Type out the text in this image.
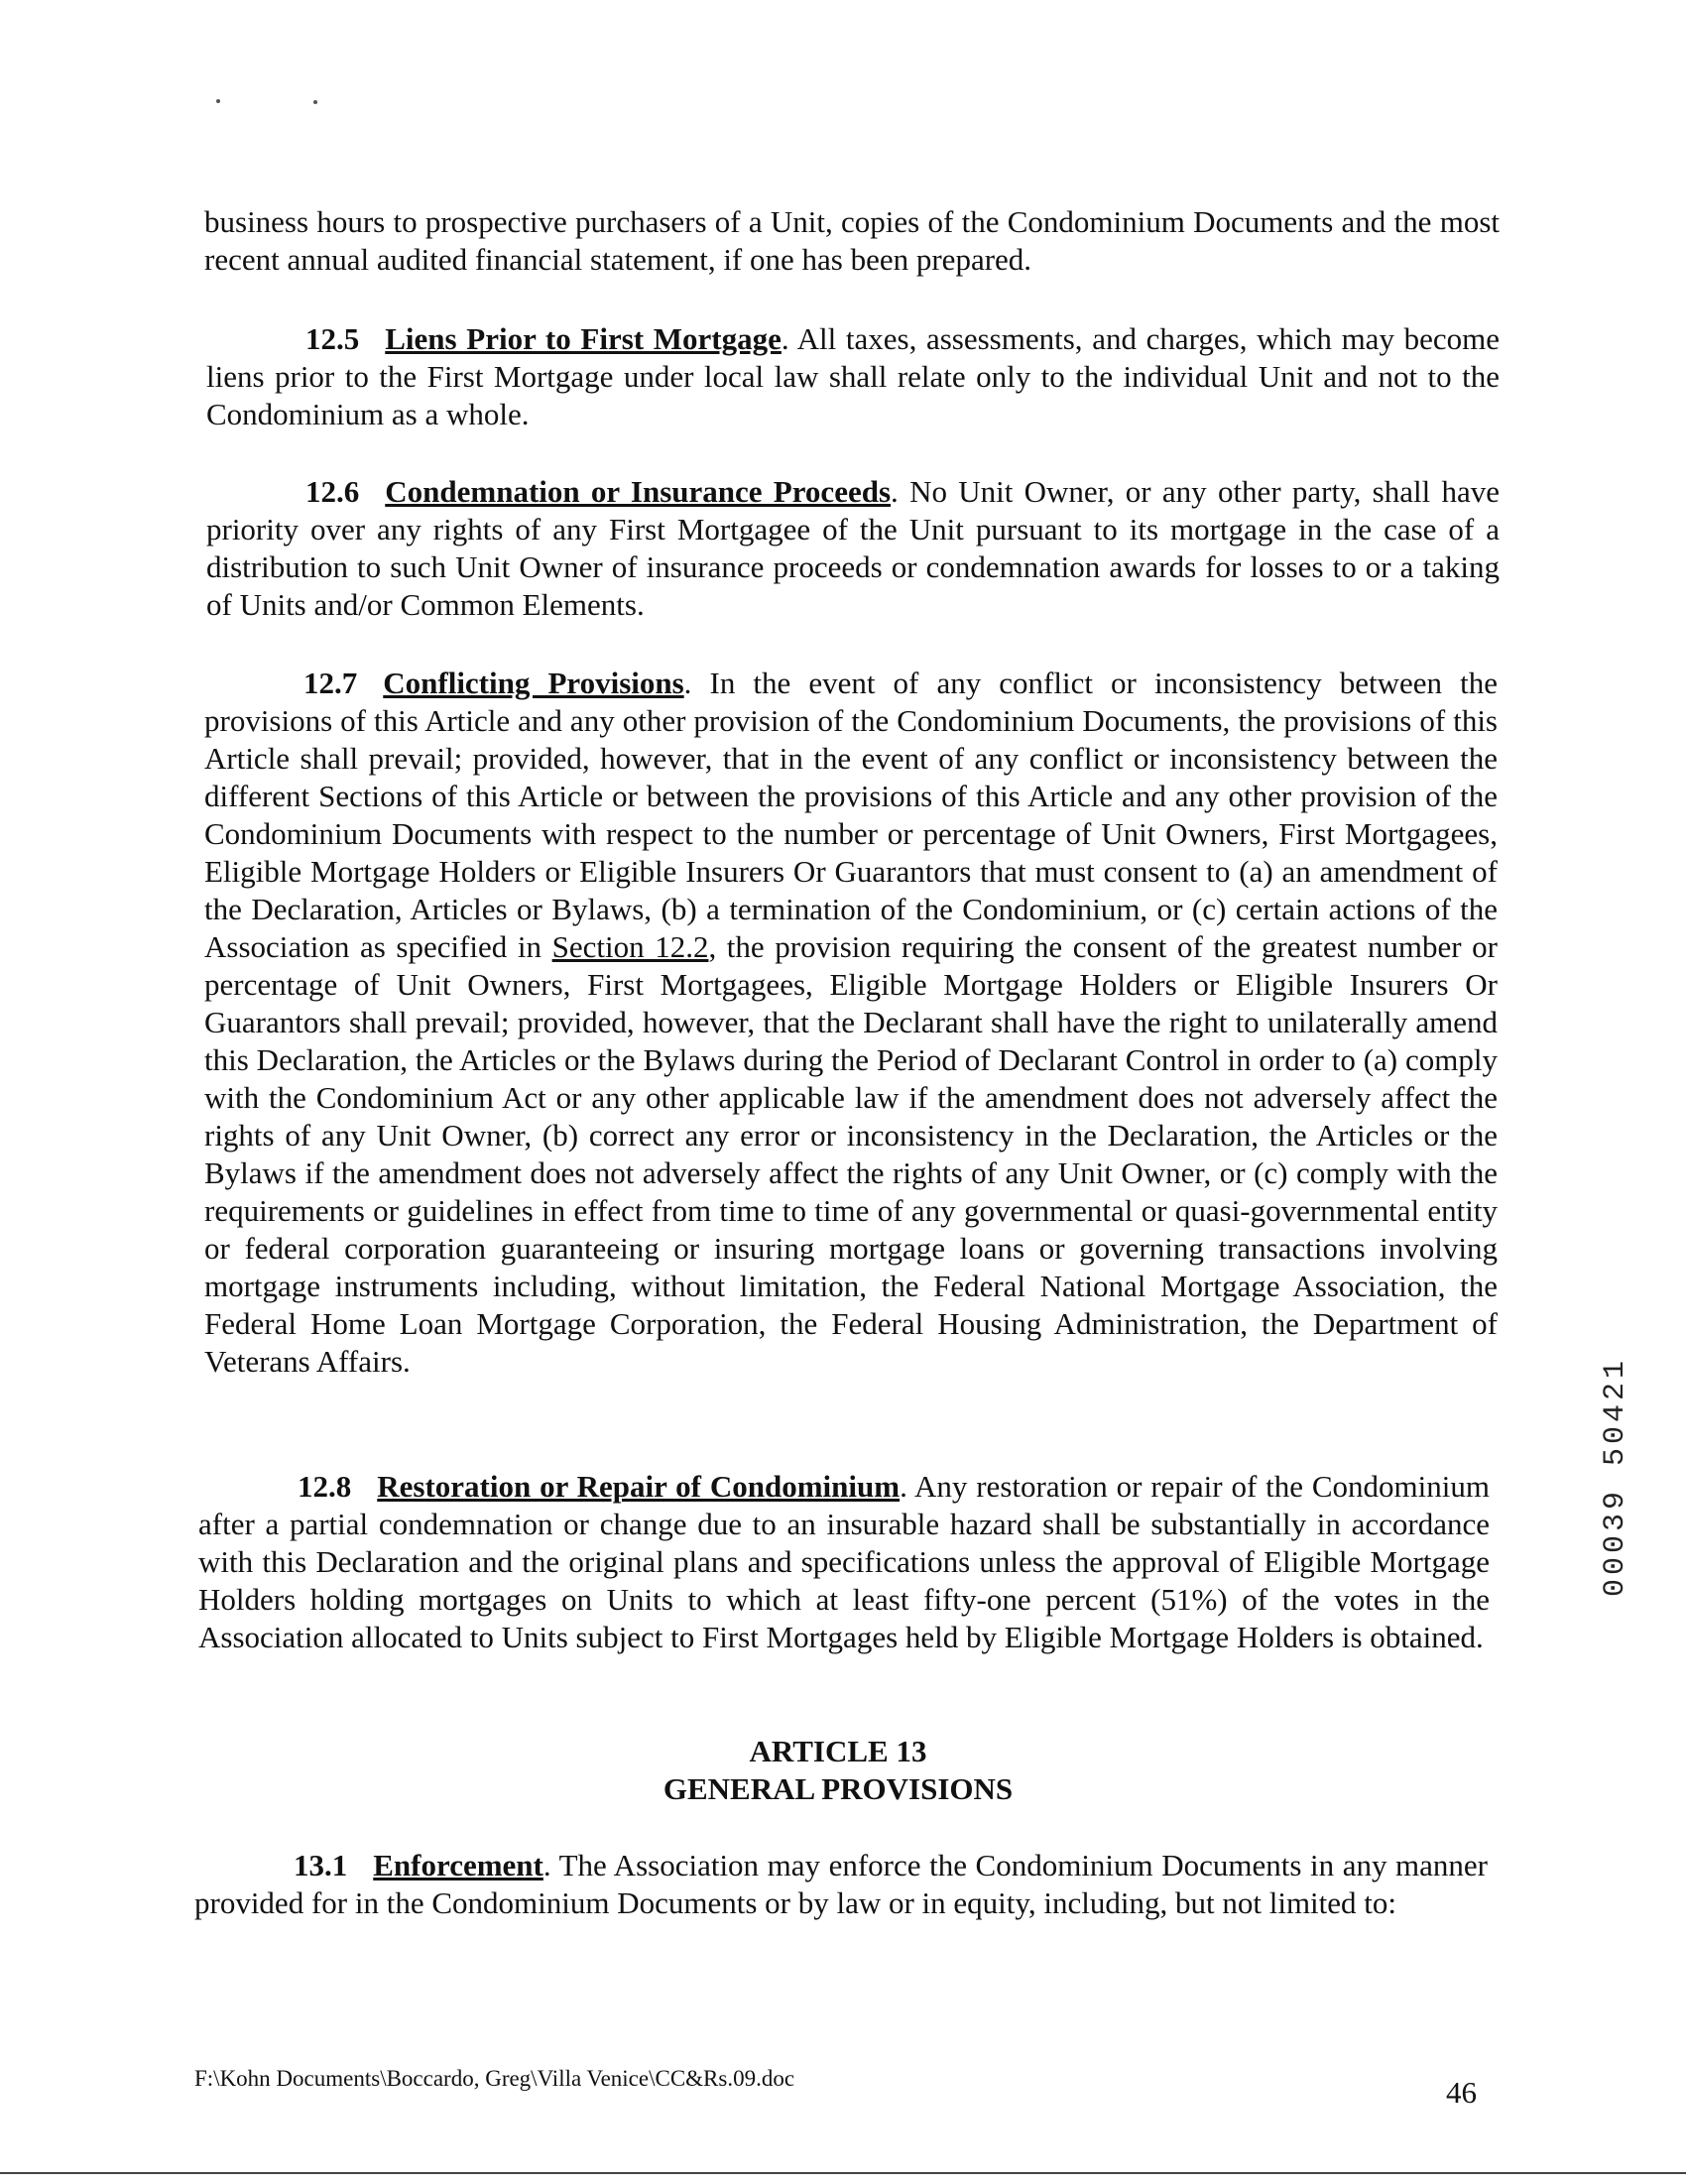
business hours to prospective purchasers of a Unit, copies of the Condominium Documents and the most recent annual audited financial statement, if one has been prepared.

12.5 Liens Prior to First Mortgage. All taxes, assessments, and charges, which may become liens prior to the First Mortgage under local law shall relate only to the individual Unit and not to the Condominium as a whole.

12.6 Condemnation or Insurance Proceeds. No Unit Owner, or any other party, shall have priority over any rights of any First Mortgagee of the Unit pursuant to its mortgage in the case of a distribution to such Unit Owner of insurance proceeds or condemnation awards for losses to or a taking of Units and/or Common Elements.

12.7 Conflicting Provisions. In the event of any conflict or inconsistency between the provisions of this Article and any other provision of the Condominium Documents, the provisions of this Article shall prevail; provided, however, that in the event of any conflict or inconsistency between the different Sections of this Article or between the provisions of this Article and any other provision of the Condominium Documents with respect to the number or percentage of Unit Owners, First Mortgagees, Eligible Mortgage Holders or Eligible Insurers Or Guarantors that must consent to (a) an amendment of the Declaration, Articles or Bylaws, (b) a termination of the Condominium, or (c) certain actions of the Association as specified in Section 12.2, the provision requiring the consent of the greatest number or percentage of Unit Owners, First Mortgagees, Eligible Mortgage Holders or Eligible Insurers Or Guarantors shall prevail; provided, however, that the Declarant shall have the right to unilaterally amend this Declaration, the Articles or the Bylaws during the Period of Declarant Control in order to (a) comply with the Condominium Act or any other applicable law if the amendment does not adversely affect the rights of any Unit Owner, (b) correct any error or inconsistency in the Declaration, the Articles or the Bylaws if the amendment does not adversely affect the rights of any Unit Owner, or (c) comply with the requirements or guidelines in effect from time to time of any governmental or quasi-governmental entity or federal corporation guaranteeing or insuring mortgage loans or governing transactions involving mortgage instruments including, without limitation, the Federal National Mortgage Association, the Federal Home Loan Mortgage Corporation, the Federal Housing Administration, the Department of Veterans Affairs.

12.8 Restoration or Repair of Condominium. Any restoration or repair of the Condominium after a partial condemnation or change due to an insurable hazard shall be substantially in accordance with this Declaration and the original plans and specifications unless the approval of Eligible Mortgage Holders holding mortgages on Units to which at least fifty-one percent (51%) of the votes in the Association allocated to Units subject to First Mortgages held by Eligible Mortgage Holders is obtained.

ARTICLE 13
GENERAL PROVISIONS

13.1 Enforcement. The Association may enforce the Condominium Documents in any manner provided for in the Condominium Documents or by law or in equity, including, but not limited to:

00039 50421
F:\Kohn Documents\Boccardo, Greg\Villa Venice\CC&Rs.09.doc	46
